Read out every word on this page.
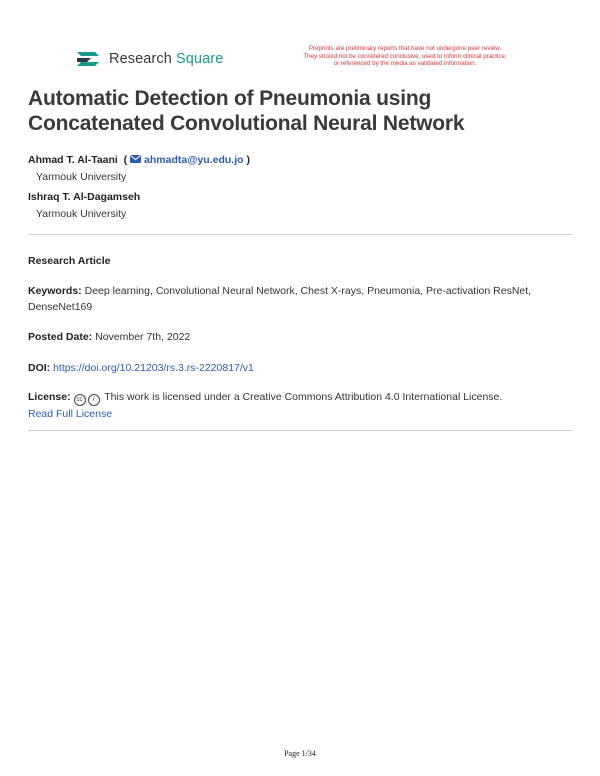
Research Square
Preprints are preliminary reports that have not undergone peer review.
They should not be considered conclusive, used to inform clinical practice,
or referenced by the media as validated information.
Automatic Detection of Pneumonia using
Concatenated Convolutional Neural Network
Ahmad T. Al-Taani  (
ahmadta@yu.edu.jo )
Yarmouk University
Ishraq T. Al-Dagamseh
Yarmouk University
Research Article
Keywords: Deep learning, Convolutional Neural Network, Chest X-rays, Pneumonia, Pre-activation ResNet,
DenseNet169
Posted Date: November 7th, 2022
DOI: https://doi.org/10.21203/rs.3.rs-2220817/v1
License: cc i This work is licensed under a Creative Commons Attribution 4.0 International License.
Read Full License
Page 1/34
